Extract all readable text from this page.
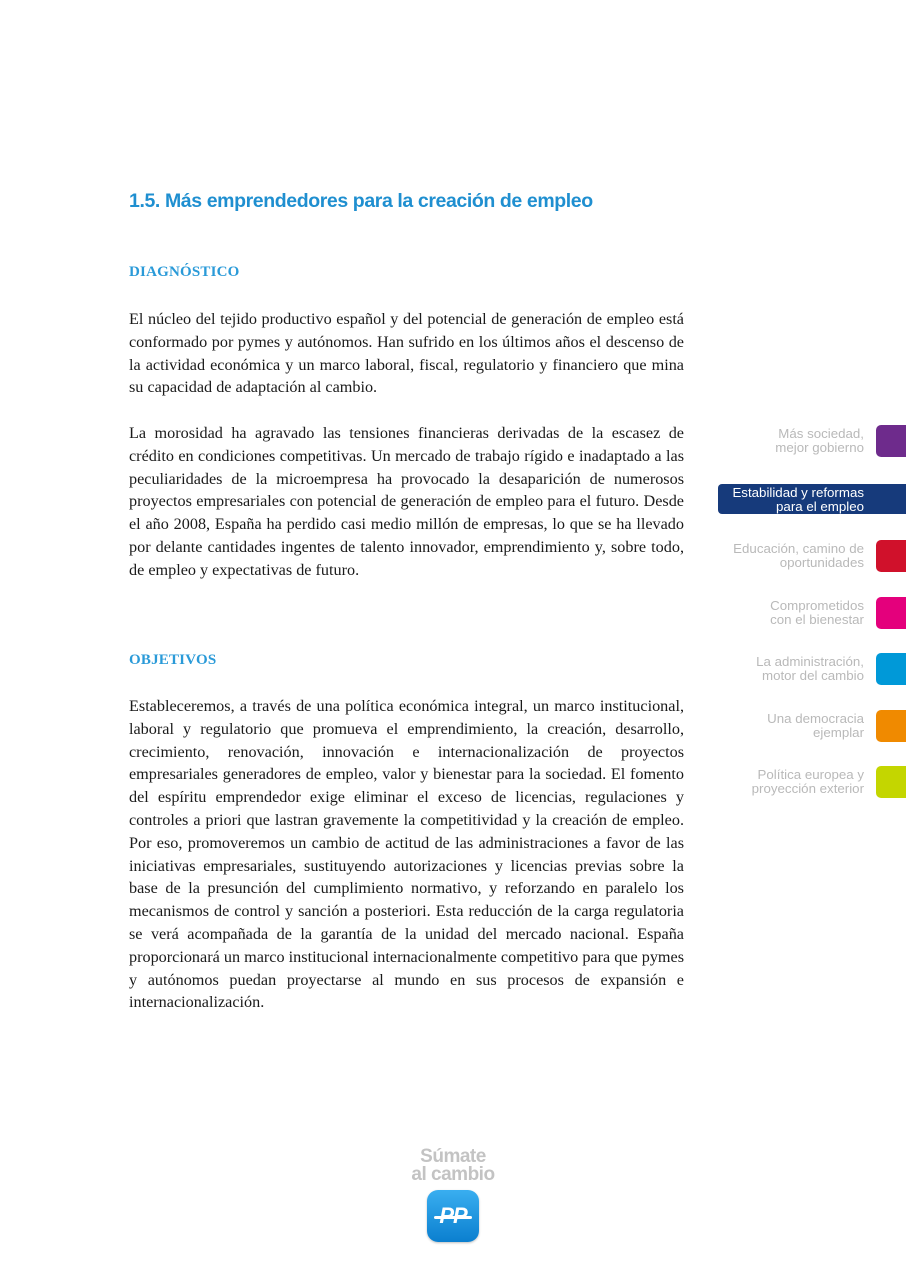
1.5. Más emprendedores para la creación de empleo
DIAGNÓSTICO

El núcleo del tejido productivo español y del potencial de generación de empleo está conformado por pymes y autónomos. Han sufrido en los últimos años el descenso de la actividad económica y un marco laboral, fiscal, regulatorio y financiero que mina su capacidad de adaptación al cambio.

La morosidad ha agravado las tensiones financieras derivadas de la escasez de crédito en condiciones competitivas. Un mercado de trabajo rígido e inadaptado a las peculiaridades de la microempresa ha provocado la desaparición de numerosos proyectos empresariales con potencial de generación de empleo para el futuro. Desde el año 2008, España ha perdido casi medio millón de empresas, lo que se ha llevado por delante cantidades ingentes de talento innovador, emprendimiento y, sobre todo, de empleo y expectativas de futuro.

OBJETIVOS

Estableceremos, a través de una política económica integral, un marco institucional, laboral y regulatorio que promueva el emprendimiento, la creación, desarrollo, crecimiento, renovación, innovación e internacionalización de proyectos empresariales generadores de empleo, valor y bienestar para la sociedad. El fomento del espíritu emprendedor exige eliminar el exceso de licencias, regulaciones y controles a priori que lastran gravemente la competitividad y la creación de empleo. Por eso, promoveremos un cambio de actitud de las administraciones a favor de las iniciativas empresariales, sustituyendo autorizaciones y licencias previas sobre la base de la presunción del cumplimiento normativo, y reforzando en paralelo los mecanismos de control y sanción a posteriori. Esta reducción de la carga regulatoria se verá acompañada de la garantía de la unidad del mercado nacional. España proporcionará un marco institucional internacionalmente competitivo para que pymes y autónomos puedan proyectarse al mundo en sus procesos de expansión e internacionalización.

Más sociedad,
mejor gobierno
Estabilidad y reformas
para el empleo
Educación, camino de
oportunidades
Comprometidos
con el bienestar
La administración,
motor del cambio
Una democracia
ejemplar
Política europea y
proyección exterior

Súmate

al cambio
